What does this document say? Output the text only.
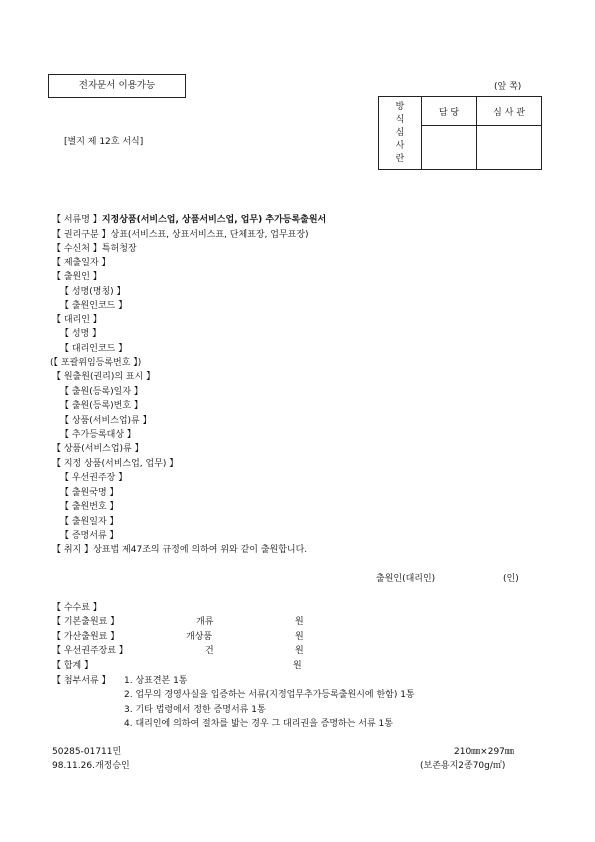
전자문서 이용가능	(앞 쪽)
[별지 제 12호 서식]
방
식
심
사
란	담 당	심 사 관

【 서류명 】지정상품(서비스업, 상품서비스업, 업무) 추가등록출원서
【 권리구분 】상표(서비스표, 상표서비스표, 단체표장, 업무표장)
【 수신처 】특허청장
【 제출일자 】
【 출원인 】
【 성명(명칭) 】
【 출원인코드 】
【 대리인 】
【 성명 】
【 대리인코드 】
(【 포괄위임등록번호 】)
【 원출원(권리)의 표시 】
【 출원(등록)일자 】
【 출원(등록)번호 】
【 상품(서비스업)류 】
【 추가등록대상 】
【 상품(서비스업)류 】
【 지정 상품(서비스업, 업무) 】
【 우선권주장 】
【 출원국명 】
【 출원번호 】
【 출원일자 】
【 증명서류 】
【 취지 】상표법 제47조의 규정에 의하여 위와 같이 출원합니다.
출원인(대리인)	(인)
【 수수료 】
【 기본출원료 】	개류	원
【 가산출원료 】	개상품	원
【 우선권주장료 】	건	원
【 합계 】	원
【 첨부서류 】 1. 상표견본 1통
2. 업무의 경영사실을 입증하는 서류(지정업무추가등록출원시에 한함) 1통
3. 기타 법령에서 정한 증명서류 1통
4. 대리인에 의하여 절차를 밟는 경우 그 대리권을 증명하는 서류 1통
50285-01711민
98.11.26.개정승인
210㎜×297㎜
(보존용지2종70g/㎡)
